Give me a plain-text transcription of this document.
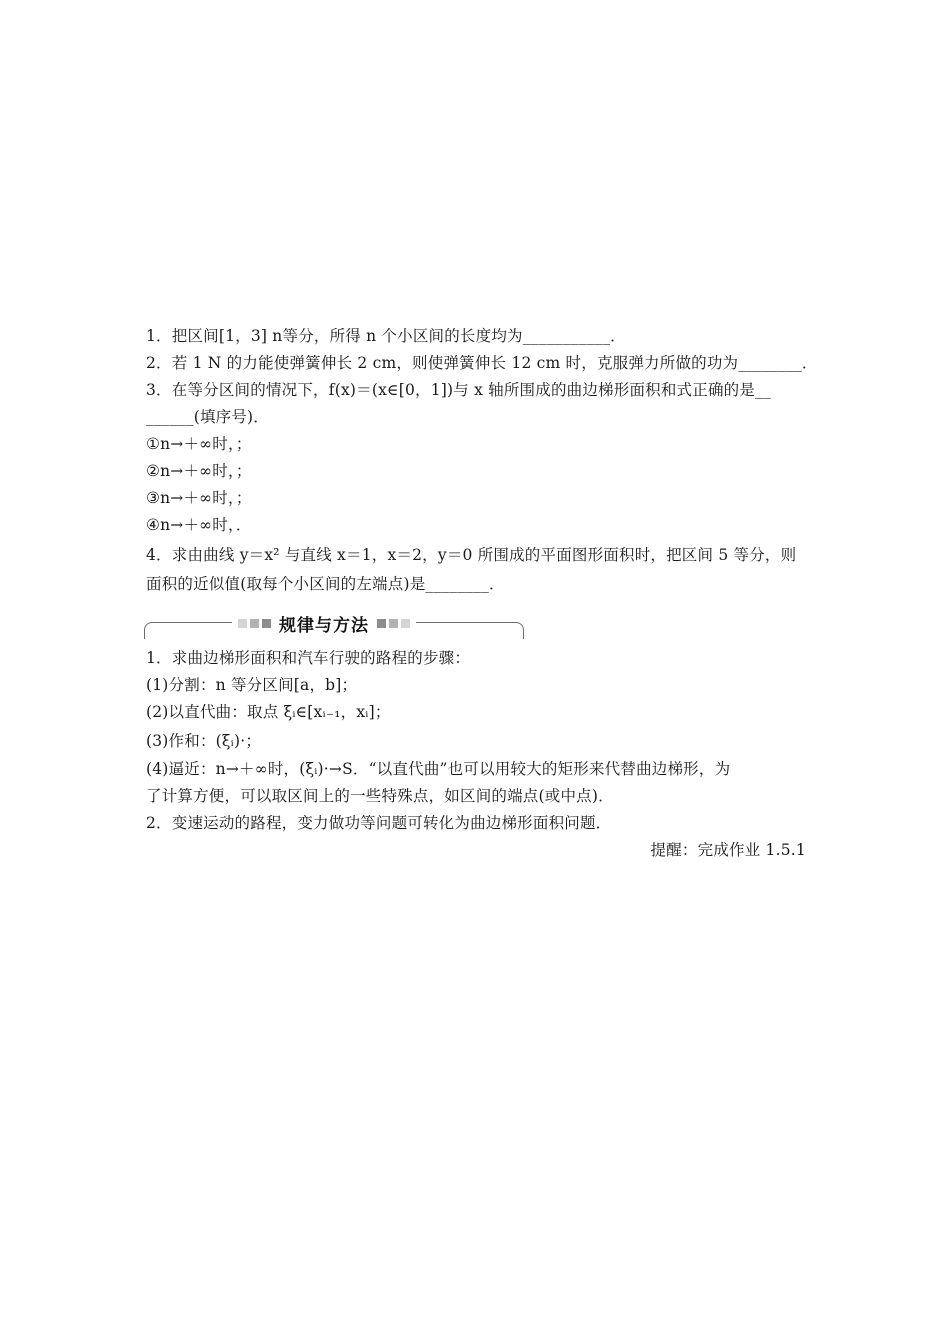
1．把区间[1，3] n等分，所得 n 个小区间的长度均为___________．
2．若 1 N 的力能使弹簧伸长 2 cm，则使弹簧伸长 12 cm 时，克服弹力所做的功为________．
3．在等分区间的情况下，f(x)＝(x∈[0，1])与 x 轴所围成的曲边梯形面积和式正确的是__
______(填序号)．
①n→＋∞时，；
②n→＋∞时，；
③n→＋∞时，；
④n→＋∞时，．
4．求由曲线 y＝x² 与直线 x＝1，x＝2，y＝0 所围成的平面图形面积时，把区间 5 等分，则
面积的近似值(取每个小区间的左端点)是________．
规律与方法
1．求曲边梯形面积和汽车行驶的路程的步骤：
(1)分割：n 等分区间[a，b]；
(2)以直代曲：取点 ξᵢ∈[xᵢ₋₁，xᵢ]；
(3)作和：(ξᵢ)·；
(4)逼近：n→＋∞时，(ξᵢ)·→S．“以直代曲”也可以用较大的矩形来代替曲边梯形，为
了计算方便，可以取区间上的一些特殊点，如区间的端点(或中点)．
2．变速运动的路程，变力做功等问题可转化为曲边梯形面积问题．
提醒：完成作业 1.5.1
